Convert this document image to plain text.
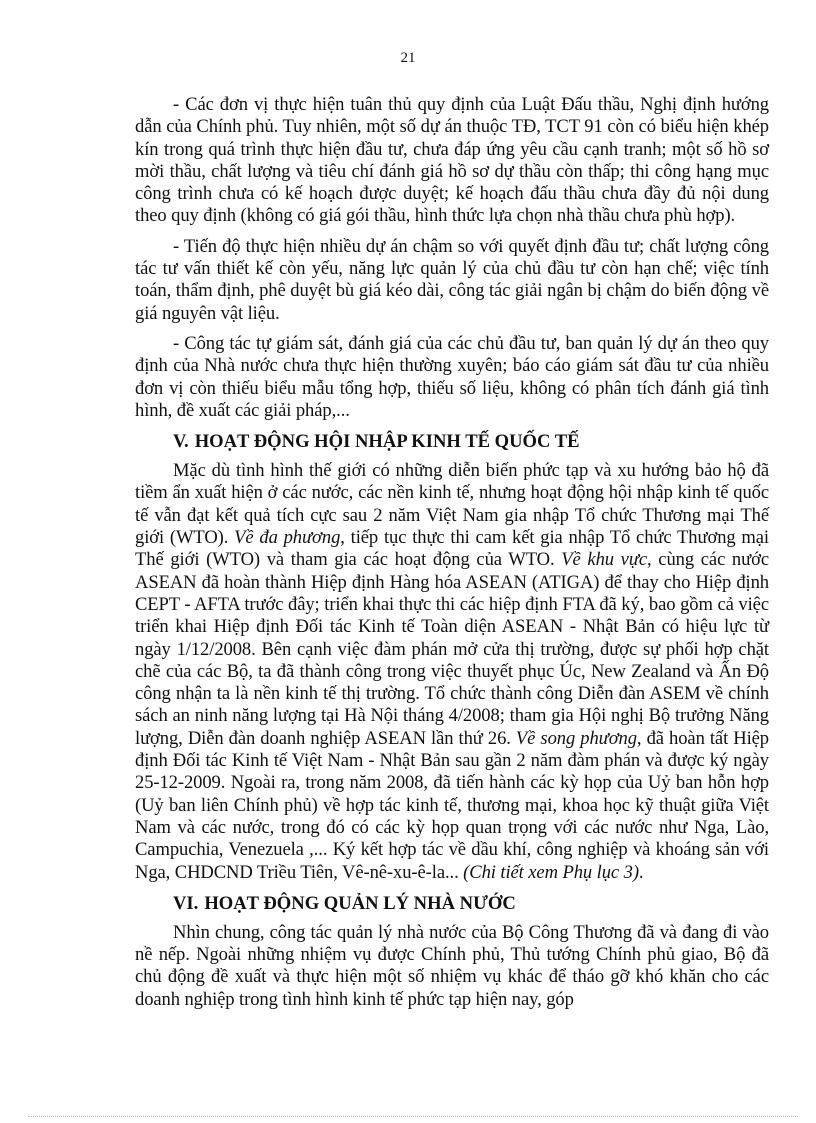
21

- Các đơn vị thực hiện tuân thủ quy định của Luật Đấu thầu, Nghị định hướng dẫn của Chính phủ. Tuy nhiên, một số dự án thuộc TĐ, TCT 91 còn có biểu hiện khép kín trong quá trình thực hiện đầu tư, chưa đáp ứng yêu cầu cạnh tranh; một số hồ sơ mời thầu, chất lượng và tiêu chí đánh giá hồ sơ dự thầu còn thấp; thi công hạng mục công trình chưa có kế hoạch được duyệt; kế hoạch đấu thầu chưa đầy đủ nội dung theo quy định (không có giá gói thầu, hình thức lựa chọn nhà thầu chưa phù hợp).

- Tiến độ thực hiện nhiều dự án chậm so với quyết định đầu tư; chất lượng công tác tư vấn thiết kế còn yếu, năng lực quản lý của chủ đầu tư còn hạn chế; việc tính toán, thẩm định, phê duyệt bù giá kéo dài, công tác giải ngân bị chậm do biến động về giá nguyên vật liệu.

- Công tác tự giám sát, đánh giá của các chủ đầu tư, ban quản lý dự án theo quy định của Nhà nước chưa thực hiện thường xuyên; báo cáo giám sát đầu tư của nhiều đơn vị còn thiếu biểu mẫu tổng hợp, thiếu số liệu, không có phân tích đánh giá tình hình, đề xuất các giải pháp,...

V. HOẠT ĐỘNG HỘI NHẬP KINH TẾ QUỐC TẾ

Mặc dù tình hình thế giới có những diễn biến phức tạp và xu hướng bảo hộ đã tiềm ẩn xuất hiện ở các nước, các nền kinh tế, nhưng hoạt động hội nhập kinh tế quốc tế vẫn đạt kết quả tích cực sau 2 năm Việt Nam gia nhập Tổ chức Thương mại Thế giới (WTO). Về đa phương, tiếp tục thực thi cam kết gia nhập Tổ chức Thương mại Thế giới (WTO) và tham gia các hoạt động của WTO. Về khu vực, cùng các nước ASEAN đã hoàn thành Hiệp định Hàng hóa ASEAN (ATIGA) để thay cho Hiệp định CEPT - AFTA trước đây; triển khai thực thi các hiệp định FTA đã ký, bao gồm cả việc triển khai Hiệp định Đối tác Kinh tế Toàn diện ASEAN - Nhật Bản có hiệu lực từ ngày 1/12/2008. Bên cạnh việc đàm phán mở cửa thị trường, được sự phối hợp chặt chẽ của các Bộ, ta đã thành công trong việc thuyết phục Úc, New Zealand và Ấn Độ công nhận ta là nền kinh tế thị trường. Tổ chức thành công Diễn đàn ASEM về chính sách an ninh năng lượng tại Hà Nội tháng 4/2008; tham gia Hội nghị Bộ trưởng Năng lượng, Diễn đàn doanh nghiệp ASEAN lần thứ 26. Về song phương, đã hoàn tất Hiệp định Đối tác Kinh tế Việt Nam - Nhật Bản sau gần 2 năm đàm phán và được ký ngày 25-12-2009. Ngoài ra, trong năm 2008, đã tiến hành các kỳ họp của Uỷ ban hỗn hợp (Uỷ ban liên Chính phủ) về hợp tác kinh tế, thương mại, khoa học kỹ thuật giữa Việt Nam và các nước, trong đó có các kỳ họp quan trọng với các nước như Nga, Lào, Campuchia, Venezuela ,... Ký kết hợp tác về dầu khí, công nghiệp và khoáng sản với Nga, CHDCND Triều Tiên, Vê-nê-xu-ê-la... (Chi tiết xem Phụ lục 3).

VI. HOẠT ĐỘNG QUẢN LÝ NHÀ NƯỚC

Nhìn chung, công tác quản lý nhà nước của Bộ Công Thương đã và đang đi vào nề nếp. Ngoài những nhiệm vụ được Chính phủ, Thủ tướng Chính phủ giao, Bộ đã chủ động đề xuất và thực hiện một số nhiệm vụ khác để tháo gỡ khó khăn cho các doanh nghiệp trong tình hình kinh tế phức tạp hiện nay, góp
